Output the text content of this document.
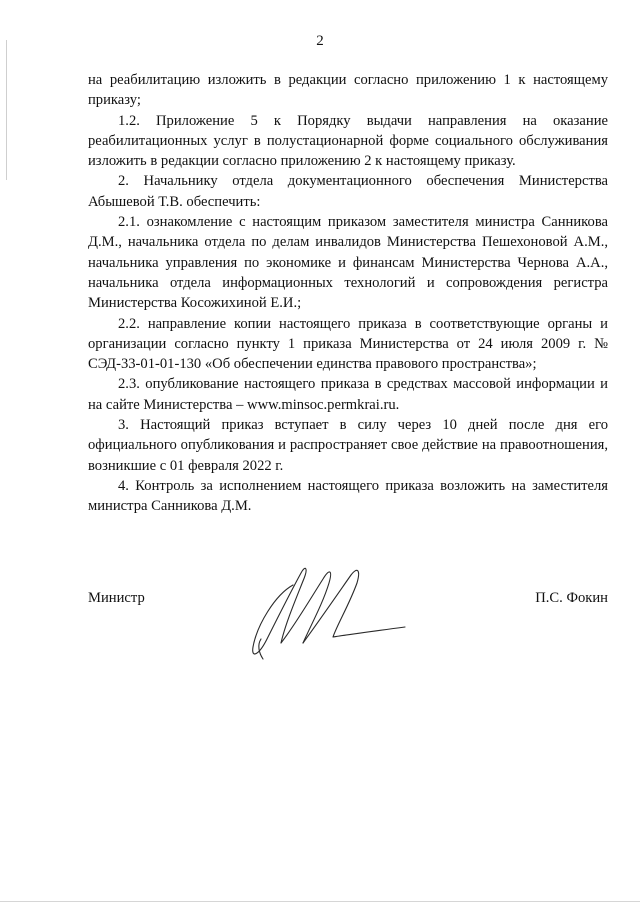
2

на реабилитацию изложить в редакции согласно приложению 1 к настоящему приказу;

1.2. Приложение 5 к Порядку выдачи направления на оказание реабилитационных услуг в полустационарной форме социального обслуживания изложить в редакции согласно приложению 2 к настоящему приказу.

2. Начальнику отдела документационного обеспечения Министерства Абышевой Т.В. обеспечить:

2.1. ознакомление с настоящим приказом заместителя министра Санникова Д.М., начальника отдела по делам инвалидов Министерства Пешехоновой А.М., начальника управления по экономике и финансам Министерства Чернова А.А., начальника отдела информационных технологий и сопровождения регистра Министерства Косожихиной Е.И.;

2.2. направление копии настоящего приказа в соответствующие органы и организации согласно пункту 1 приказа Министерства от 24 июля 2009 г. № СЭД-33-01-01-130 «Об обеспечении единства правового пространства»;

2.3. опубликование настоящего приказа в средствах массовой информации и на сайте Министерства – www.minsoc.permkrai.ru.

3. Настоящий приказ вступает в силу через 10 дней после дня его официального опубликования и распространяет свое действие на правоотношения, возникшие с 01 февраля 2022 г.

4. Контроль за исполнением настоящего приказа возложить на заместителя министра Санникова Д.М.

Министр	П.С. Фокин
